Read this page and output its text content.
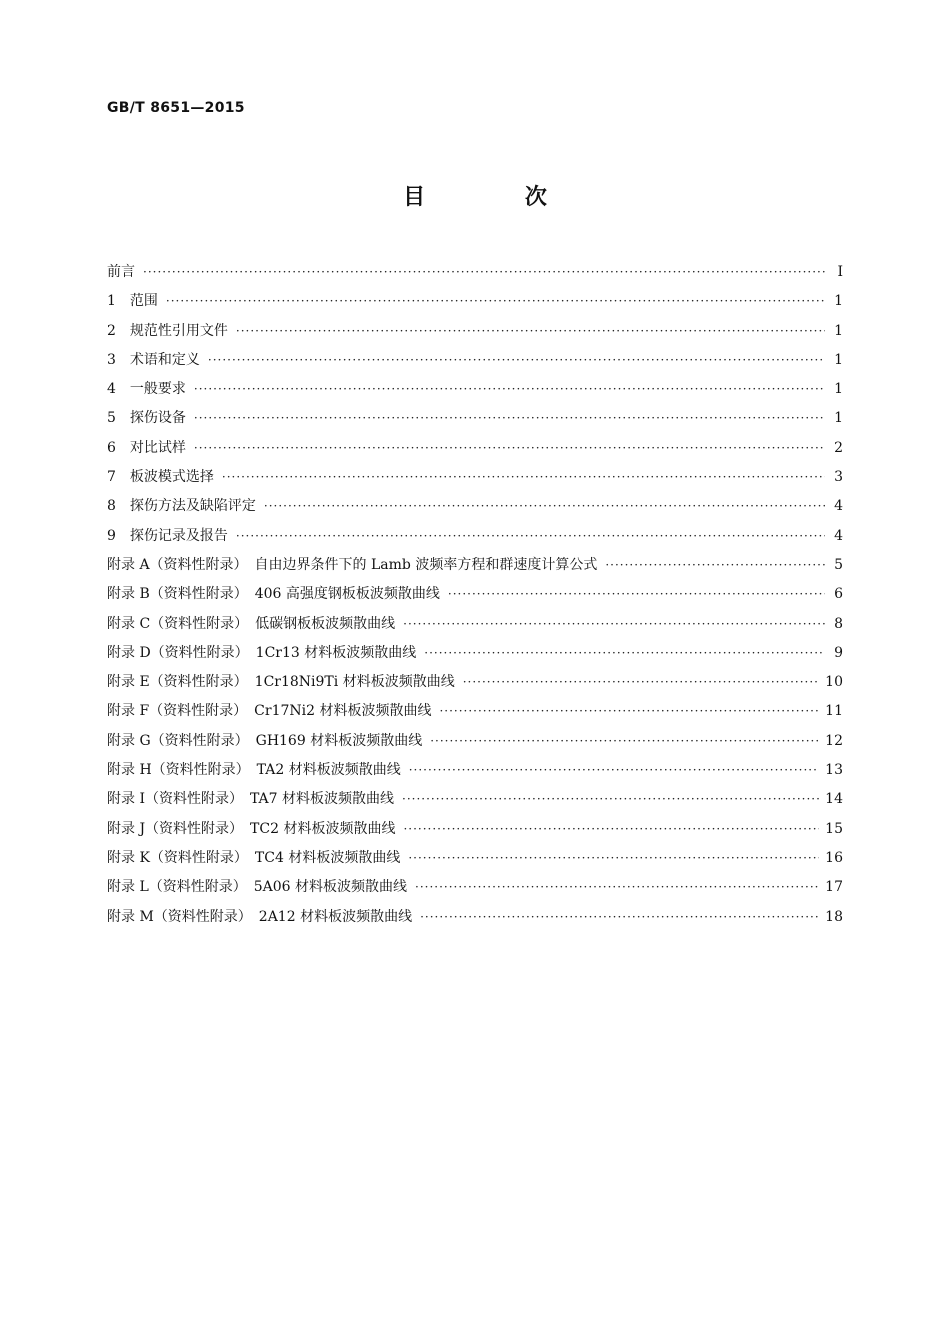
GB/T 8651—2015
目 次
前言 ·····	Ⅰ
1　范围 ·····	1
2　规范性引用文件 ·····	1
3　术语和定义 ·····	1
4　一般要求 ·····	1
5　探伤设备 ·····	1
6　对比试样 ·····	2
7　板波模式选择 ·····	3
8　探伤方法及缺陷评定 ·····	4
9　探伤记录及报告 ·····	4
附录 A（资料性附录）　自由边界条件下的 Lamb 波频率方程和群速度计算公式 ·····	5
附录 B（资料性附录）　406 高强度钢板板波频散曲线 ·····	6
附录 C（资料性附录）　低碳钢板板波频散曲线 ·····	8
附录 D（资料性附录）　1Cr13 材料板波频散曲线 ·····	9
附录 E（资料性附录）　1Cr18Ni9Ti 材料板波频散曲线 ·····	10
附录 F（资料性附录）　Cr17Ni2 材料板波频散曲线 ·····	11
附录 G（资料性附录）　GH169 材料板波频散曲线 ·····	12
附录 H（资料性附录）　TA2 材料板波频散曲线 ·····	13
附录 I（资料性附录）　TA7 材料板波频散曲线 ·····	14
附录 J（资料性附录）　TC2 材料板波频散曲线 ·····	15
附录 K（资料性附录）　TC4 材料板波频散曲线 ·····	16
附录 L（资料性附录）　5A06 材料板波频散曲线 ·····	17
附录 M（资料性附录）　2A12 材料板波频散曲线 ·····	18
